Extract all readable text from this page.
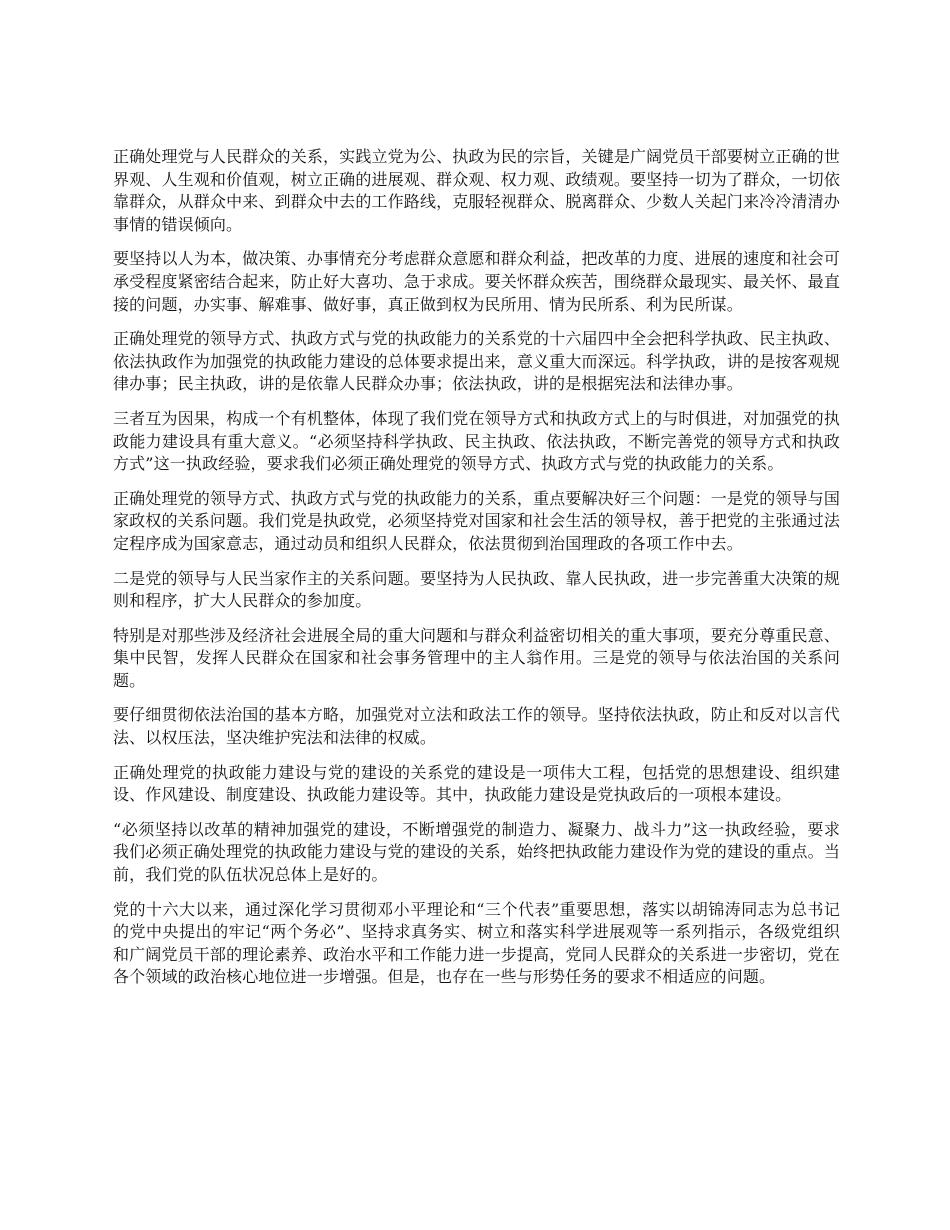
正确处理党与人民群众的关系，实践立党为公、执政为民的宗旨，关键是广阔党员干部要树立正确的世界观、人生观和价值观，树立正确的进展观、群众观、权力观、政绩观。要坚持一切为了群众，一切依靠群众，从群众中来、到群众中去的工作路线，克服轻视群众、脱离群众、少数人关起门来冷冷清清办事情的错误倾向。

要坚持以人为本，做决策、办事情充分考虑群众意愿和群众利益，把改革的力度、进展的速度和社会可承受程度紧密结合起来，防止好大喜功、急于求成。要关怀群众疾苦，围绕群众最现实、最关怀、最直接的问题，办实事、解难事、做好事，真正做到权为民所用、情为民所系、利为民所谋。

正确处理党的领导方式、执政方式与党的执政能力的关系党的十六届四中全会把科学执政、民主执政、依法执政作为加强党的执政能力建设的总体要求提出来，意义重大而深远。科学执政，讲的是按客观规律办事；民主执政，讲的是依靠人民群众办事；依法执政，讲的是根据宪法和法律办事。

三者互为因果，构成一个有机整体，体现了我们党在领导方式和执政方式上的与时俱进，对加强党的执政能力建设具有重大意义。“必须坚持科学执政、民主执政、依法执政，不断完善党的领导方式和执政方式”这一执政经验，要求我们必须正确处理党的领导方式、执政方式与党的执政能力的关系。

正确处理党的领导方式、执政方式与党的执政能力的关系，重点要解决好三个问题：一是党的领导与国家政权的关系问题。我们党是执政党，必须坚持党对国家和社会生活的领导权，善于把党的主张通过法定程序成为国家意志，通过动员和组织人民群众，依法贯彻到治国理政的各项工作中去。

二是党的领导与人民当家作主的关系问题。要坚持为人民执政、靠人民执政，进一步完善重大决策的规则和程序，扩大人民群众的参加度。

特别是对那些涉及经济社会进展全局的重大问题和与群众利益密切相关的重大事项，要充分尊重民意、集中民智，发挥人民群众在国家和社会事务管理中的主人翁作用。三是党的领导与依法治国的关系问题。

要仔细贯彻依法治国的基本方略，加强党对立法和政法工作的领导。坚持依法执政，防止和反对以言代法、以权压法，坚决维护宪法和法律的权威。

正确处理党的执政能力建设与党的建设的关系党的建设是一项伟大工程，包括党的思想建设、组织建设、作风建设、制度建设、执政能力建设等。其中，执政能力建设是党执政后的一项根本建设。

“必须坚持以改革的精神加强党的建设，不断增强党的制造力、凝聚力、战斗力”这一执政经验，要求我们必须正确处理党的执政能力建设与党的建设的关系，始终把执政能力建设作为党的建设的重点。当前，我们党的队伍状况总体上是好的。

党的十六大以来，通过深化学习贯彻邓小平理论和“三个代表”重要思想，落实以胡锦涛同志为总书记的党中央提出的牢记“两个务必”、坚持求真务实、树立和落实科学进展观等一系列指示，各级党组织和广阔党员干部的理论素养、政治水平和工作能力进一步提高，党同人民群众的关系进一步密切，党在各个领域的政治核心地位进一步增强。但是，也存在一些与形势任务的要求不相适应的问题。
